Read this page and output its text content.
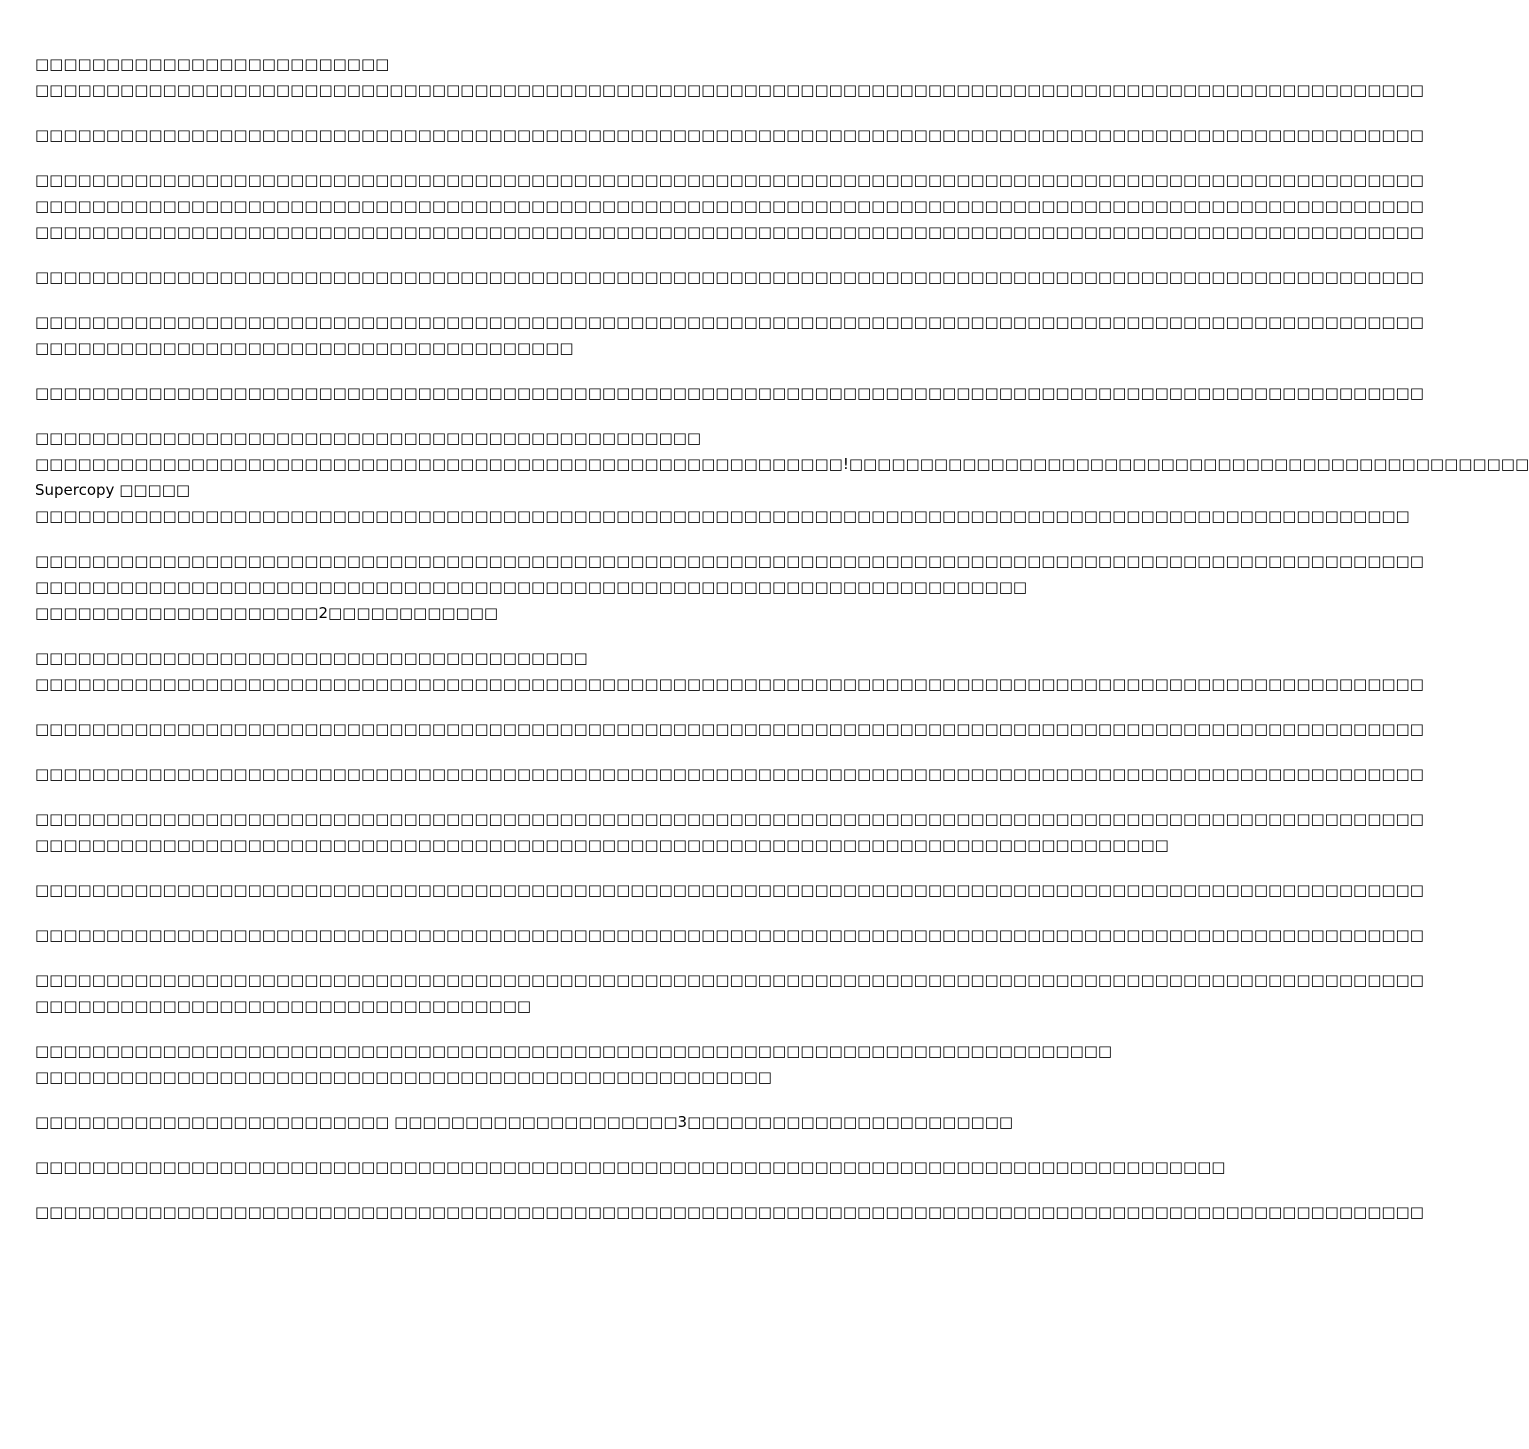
□□□□□□□□□□□□□□□□□□□□□□□□□
□□□□□□□□□□□□□□□□□□□□□□□□□□□□□□□□□□□□□□□□□□□□□□□□□□□□□□□□□□□□□□□□□□□□□□□□□□□□□□□□□□□□□□□□□□□□□□□□□□
□□□□□□□□□□□□□□□□□□□□□□□□□□□□□□□□□□□□□□□□□□□□□□□□□□□□□□□□□□□□□□□□□□□□□□□□□□□□□□□□□□□□□□□□□□□□□□□□□□
□□□□□□□□□□□□□□□□□□□□□□□□□□□□□□□□□□□□□□□□□□□□□□□□□□□□□□□□□□□□□□□□□□□□□□□□□□□□□□□□□□□□□□□□□□□□□□□□□□
□□□□□□□□□□□□□□□□□□□□□□□□□□□□□□□□□□□□□□□□□□□□□□□□□□□□□□□□□□□□□□□□□□□□□□□□□□□□□□□□□□□□□□□□□□□□□□□□□□
□□□□□□□□□□□□□□□□□□□□□□□□□□□□□□□□□□□□□□□□□□□□□□□□□□□□□□□□□□□□□□□□□□□□□□□□□□□□□□□□□□□□□□□□□□□□□□□□□□
□□□□□□□□□□□□□□□□□□□□□□□□□□□□□□□□□□□□□□□□□□□□□□□□□□□□□□□□□□□□□□□□□□□□□□□□□□□□□□□□□□□□□□□□□□□□□□□□□□
□□□□□□□□□□□□□□□□□□□□□□□□□□□□□□□□□□□□□□□□□□□□□□□□□□□□□□□□□□□□□□□□□□□□□□□□□□□□□□□□□□□□□□□□□□□□□□□□□□
□□□□□□□□□□□□□□□□□□□□□□□□□□□□□□□□□□□□□□
□□□□□□□□□□□□□□□□□□□□□□□□□□□□□□□□□□□□□□□□□□□□□□□□□□□□□□□□□□□□□□□□□□□□□□□□□□□□□□□□□□□□□□□□□□□□□□□□□□
□□□□□□□□□□□□□□□□□□□□□□□□□□□□□□□□□□□□□□□□□□□□□□□
□□□□□□□□□□□□□□□□□□□□□□□□□□□□□□□□□□□□□□□□□□□□□□□□□□□□□□□□□!□□□□□□□□□□□□□□□□□□□□□□□□□□□□□□□□□□□□□□□□□□□□□□□□
Supercopy □□□□□
□□□□□□□□□□□□□□□□□□□□□□□□□□□□□□□□□□□□□□□□□□□□□□□□□□□□□□□□□□□□□□□□□□□□□□□□□□□□□□□□□□□□□□□□□□□□□□□□□
□□□□□□□□□□□□□□□□□□□□□□□□□□□□□□□□□□□□□□□□□□□□□□□□□□□□□□□□□□□□□□□□□□□□□□□□□□□□□□□□□□□□□□□□□□□□□□□□□□
□□□□□□□□□□□□□□□□□□□□□□□□□□□□□□□□□□□□□□□□□□□□□□□□□□□□□□□□□□□□□□□□□□□□□□
□□□□□□□□□□□□□□□□□□□□2□□□□□□□□□□□□
□□□□□□□□□□□□□□□□□□□□□□□□□□□□□□□□□□□□□□□
□□□□□□□□□□□□□□□□□□□□□□□□□□□□□□□□□□□□□□□□□□□□□□□□□□□□□□□□□□□□□□□□□□□□□□□□□□□□□□□□□□□□□□□□□□□□□□□□□□
□□□□□□□□□□□□□□□□□□□□□□□□□□□□□□□□□□□□□□□□□□□□□□□□□□□□□□□□□□□□□□□□□□□□□□□□□□□□□□□□□□□□□□□□□□□□□□□□□□
□□□□□□□□□□□□□□□□□□□□□□□□□□□□□□□□□□□□□□□□□□□□□□□□□□□□□□□□□□□□□□□□□□□□□□□□□□□□□□□□□□□□□□□□□□□□□□□□□□
□□□□□□□□□□□□□□□□□□□□□□□□□□□□□□□□□□□□□□□□□□□□□□□□□□□□□□□□□□□□□□□□□□□□□□□□□□□□□□□□□□□□□□□□□□□□□□□□□□
□□□□□□□□□□□□□□□□□□□□□□□□□□□□□□□□□□□□□□□□□□□□□□□□□□□□□□□□□□□□□□□□□□□□□□□□□□□□□□□□
□□□□□□□□□□□□□□□□□□□□□□□□□□□□□□□□□□□□□□□□□□□□□□□□□□□□□□□□□□□□□□□□□□□□□□□□□□□□□□□□□□□□□□□□□□□□□□□□□□
□□□□□□□□□□□□□□□□□□□□□□□□□□□□□□□□□□□□□□□□□□□□□□□□□□□□□□□□□□□□□□□□□□□□□□□□□□□□□□□□□□□□□□□□□□□□□□□□□□
□□□□□□□□□□□□□□□□□□□□□□□□□□□□□□□□□□□□□□□□□□□□□□□□□□□□□□□□□□□□□□□□□□□□□□□□□□□□□□□□□□□□□□□□□□□□□□□□□□
□□□□□□□□□□□□□□□□□□□□□□□□□□□□□□□□□□□
□□□□□□□□□□□□□□□□□□□□□□□□□□□□□□□□□□□□□□□□□□□□□□□□□□□□□□□□□□□□□□□□□□□□□□□□□□□□
□□□□□□□□□□□□□□□□□□□□□□□□□□□□□□□□□□□□□□□□□□□□□□□□□□□□
□□□□□□□□□□□□□□□□□□□□□□□□□ □□□□□□□□□□□□□□□□□□□□3□□□□□□□□□□□□□□□□□□□□□□□
□□□□□□□□□□□□□□□□□□□□□□□□□□□□□□□□□□□□□□□□□□□□□□□□□□□□□□□□□□□□□□□□□□□□□□□□□□□□□□□□□□□□
□□□□□□□□□□□□□□□□□□□□□□□□□□□□□□□□□□□□□□□□□□□□□□□□□□□□□□□□□□□□□□□□□□□□□□□□□□□□□□□□□□□□□□□□□□□□□□□□□□
